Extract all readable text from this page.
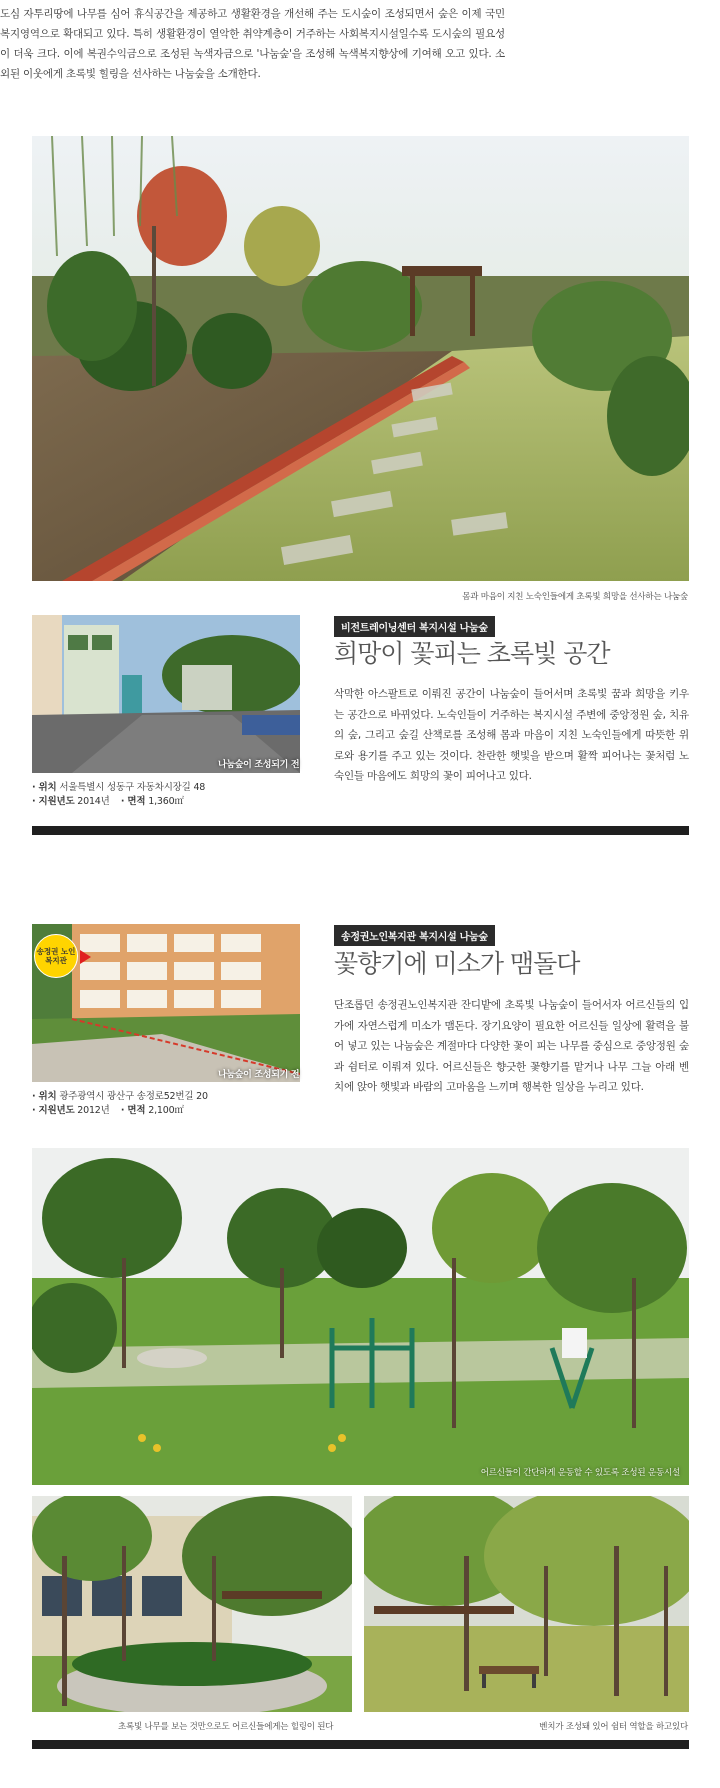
도심 자투리땅에 나무를 심어 휴식공간을 제공하고 생활환경을 개선해 주는 도시숲이 조성되면서 숲은 이제 국민복지영역으로 확대되고 있다. 특히 생활환경이 열악한 취약계층이 거주하는 사회복지시설일수록 도시숲의 필요성이 더욱 크다. 이에 복권수익금으로 조성된 녹색자금으로 '나눔숲'을 조성해 녹색복지향상에 기여해 오고 있다. 소외된 이웃에게 초록빛 힐링을 선사하는 나눔숲을 소개한다.

몸과 마음이 지친 노숙인들에게 초록빛 희망을 선사하는 나눔숲
나눔숲이 조성되기 전
비전트레이닝센터 복지시설 나눔숲
희망이 꽃피는 초록빛 공간

삭막한 아스팔트로 이뤄진 공간이 나눔숲이 들어서며 초록빛 꿈과 희망을 키우는 공간으로 바뀌었다. 노숙인들이 거주하는 복지시설 주변에 중앙정원 숲, 치유의 숲, 그리고 숲길 산책로를 조성해 몸과 마음이 지친 노숙인들에게 따뜻한 위로와 용기를 주고 있는 것이다. 찬란한 햇빛을 받으며 활짝 피어나는 꽃처럼 노숙인들 마음에도 희망의 꽃이 피어나고 있다.

· 위치 서울특별시 성동구 자동차시장길 48
· 지원년도 2014년 · 면적 1,360㎡
송정권 노인복지관
나눔숲이 조성되기 전
송정권노인복지관 복지시설 나눔숲
꽃향기에 미소가 맴돌다

단조롭던 송정권노인복지관 잔디밭에 초록빛 나눔숲이 들어서자 어르신들의 입가에 자연스럽게 미소가 맴돈다. 장기요양이 필요한 어르신들 일상에 활력을 불어 넣고 있는 나눔숲은 계절마다 다양한 꽃이 피는 나무를 중심으로 중앙정원 숲과 쉼터로 이뤄져 있다. 어르신들은 향긋한 꽃향기를 맡거나 나무 그늘 아래 벤치에 앉아 햇빛과 바람의 고마움을 느끼며 행복한 일상을 누리고 있다.

· 위치 광주광역시 광산구 송정로52번길 20
· 지원년도 2012년 · 면적 2,100㎡
어르신들이 간단하게 운동할 수 있도록 조성된 운동시설
초록빛 나무를 보는 것만으로도 어르신들에게는 힐링이 된다	벤치가 조성돼 있어 쉼터 역할을 하고있다
